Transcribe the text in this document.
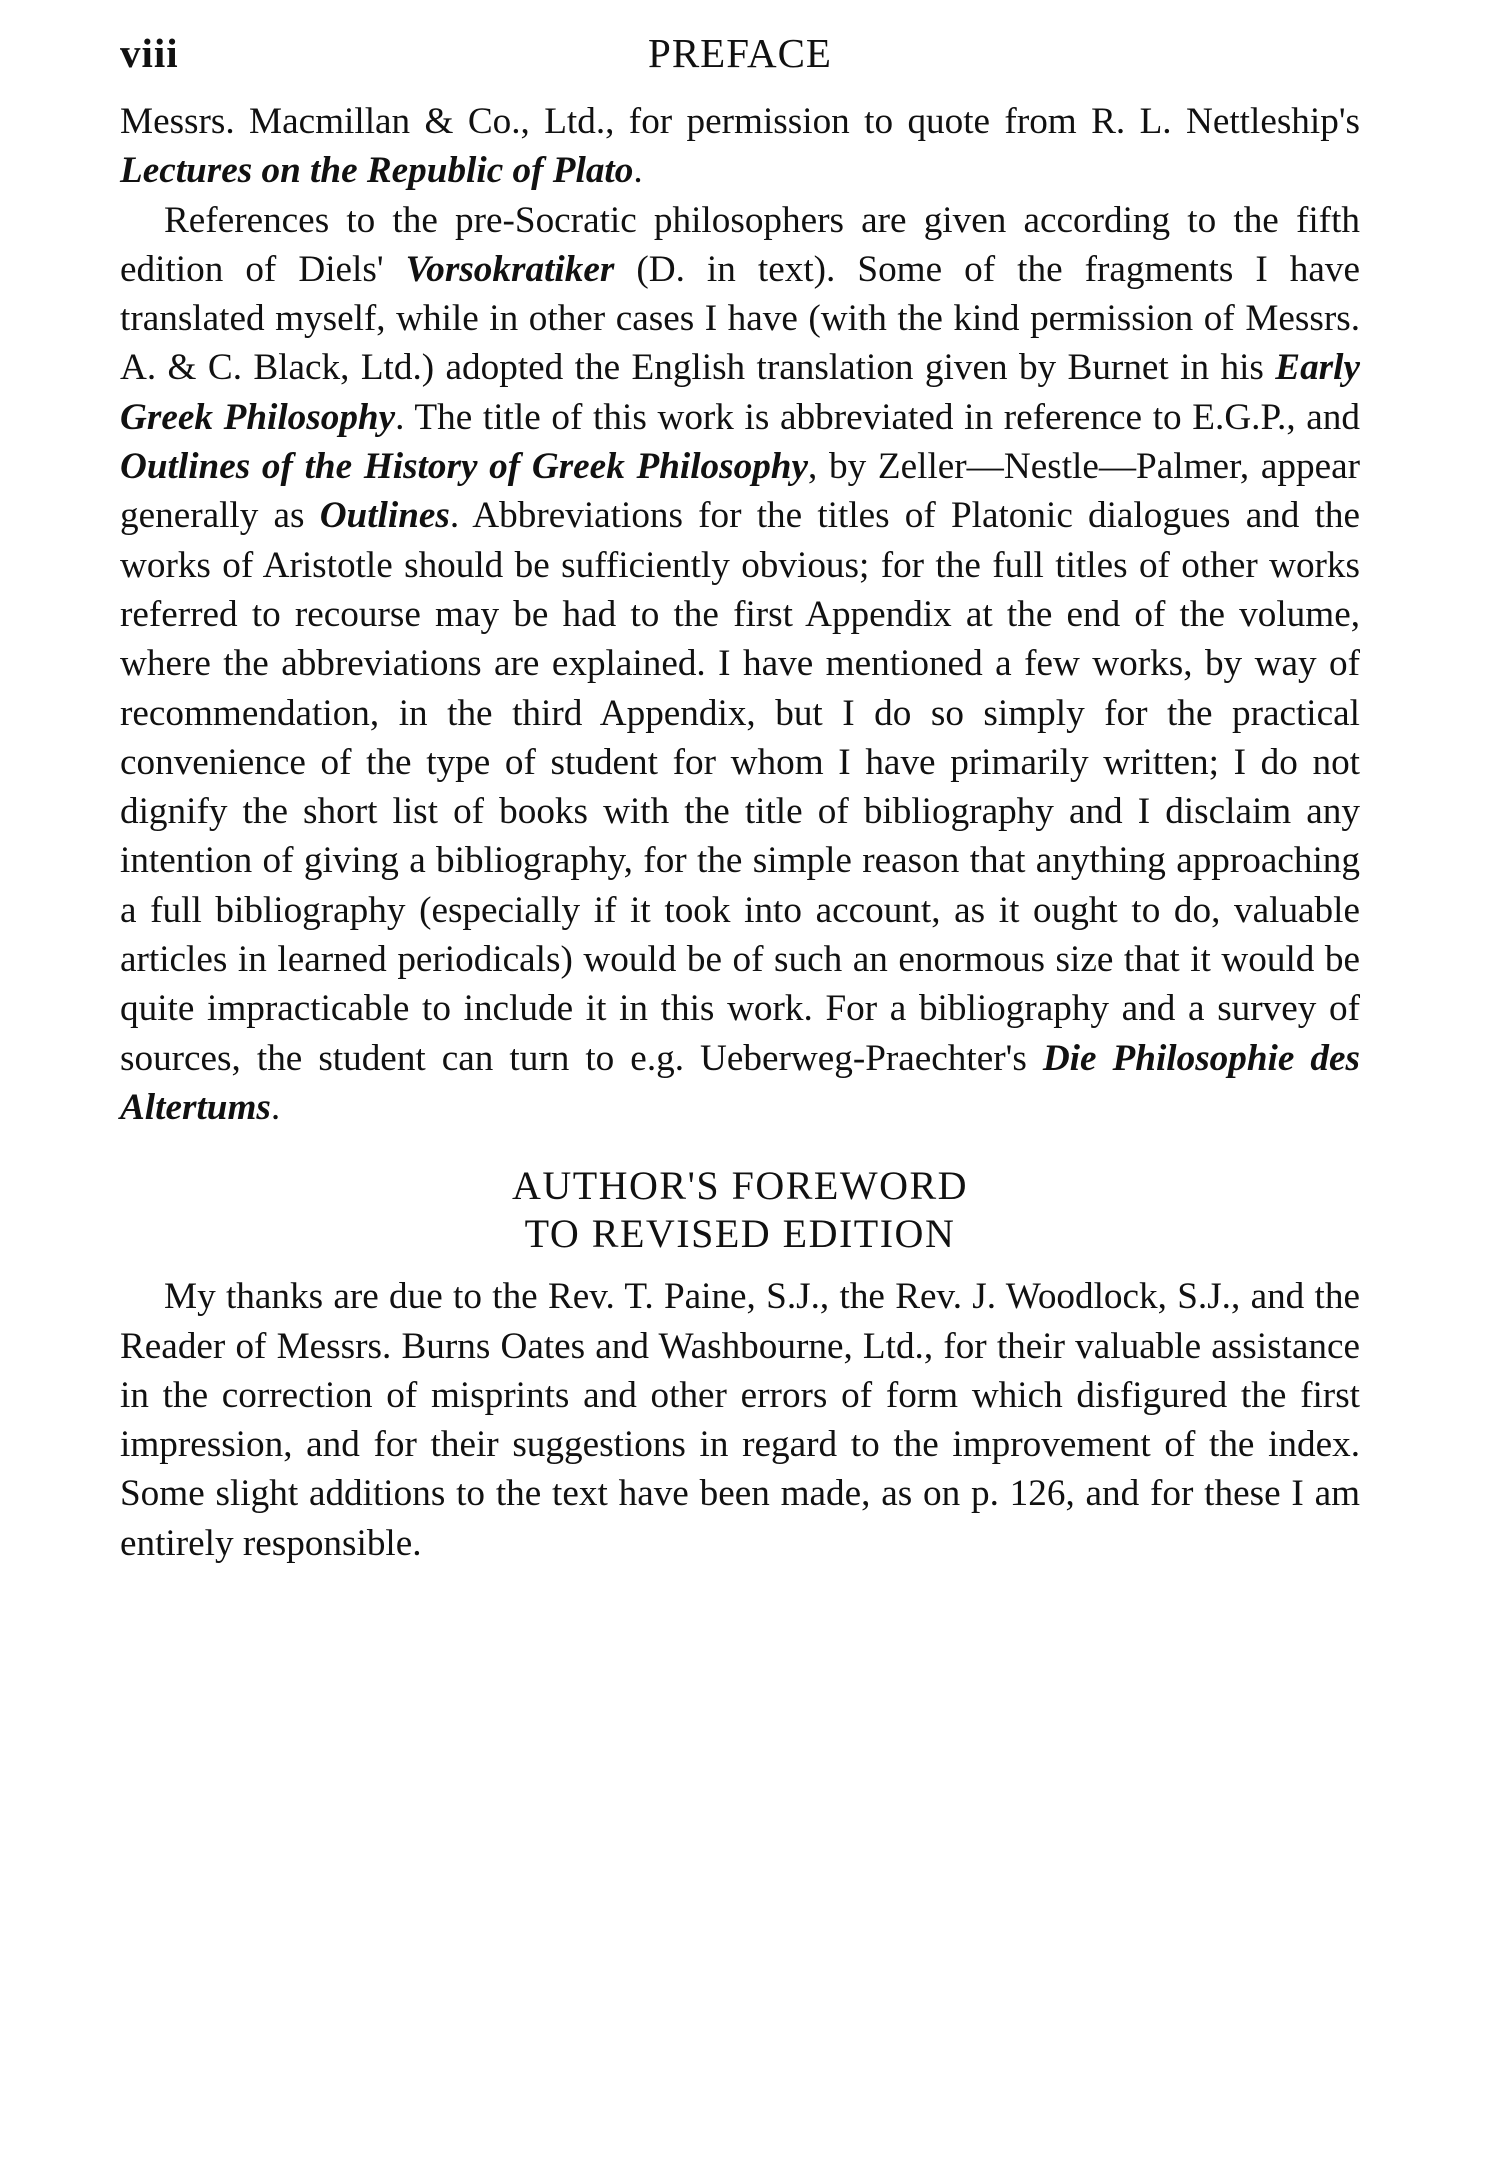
viii	PREFACE

Messrs. Macmillan & Co., Ltd., for permission to quote from R. L. Nettleship's Lectures on the Republic of Plato.

References to the pre-Socratic philosophers are given according to the fifth edition of Diels' Vorsokratiker (D. in text). Some of the fragments I have translated myself, while in other cases I have (with the kind permission of Messrs. A. & C. Black, Ltd.) adopted the English translation given by Burnet in his Early Greek Philosophy. The title of this work is abbreviated in reference to E.G.P., and Outlines of the History of Greek Philosophy, by Zeller—Nestle—Palmer, appear generally as Outlines. Abbreviations for the titles of Platonic dialogues and the works of Aristotle should be sufficiently obvious; for the full titles of other works referred to recourse may be had to the first Appendix at the end of the volume, where the abbreviations are explained. I have mentioned a few works, by way of recommendation, in the third Appendix, but I do so simply for the practical convenience of the type of student for whom I have primarily written; I do not dignify the short list of books with the title of bibliography and I disclaim any intention of giving a bibliography, for the simple reason that anything approaching a full bibliography (especially if it took into account, as it ought to do, valuable articles in learned periodicals) would be of such an enormous size that it would be quite impracticable to include it in this work. For a bibliography and a survey of sources, the student can turn to e.g. Ueberweg-Praechter's Die Philosophie des Altertums.

AUTHOR'S FOREWORD
TO REVISED EDITION

My thanks are due to the Rev. T. Paine, S.J., the Rev. J. Woodlock, S.J., and the Reader of Messrs. Burns Oates and Washbourne, Ltd., for their valuable assistance in the correction of misprints and other errors of form which disfigured the first impression, and for their suggestions in regard to the improvement of the index. Some slight additions to the text have been made, as on p. 126, and for these I am entirely responsible.
